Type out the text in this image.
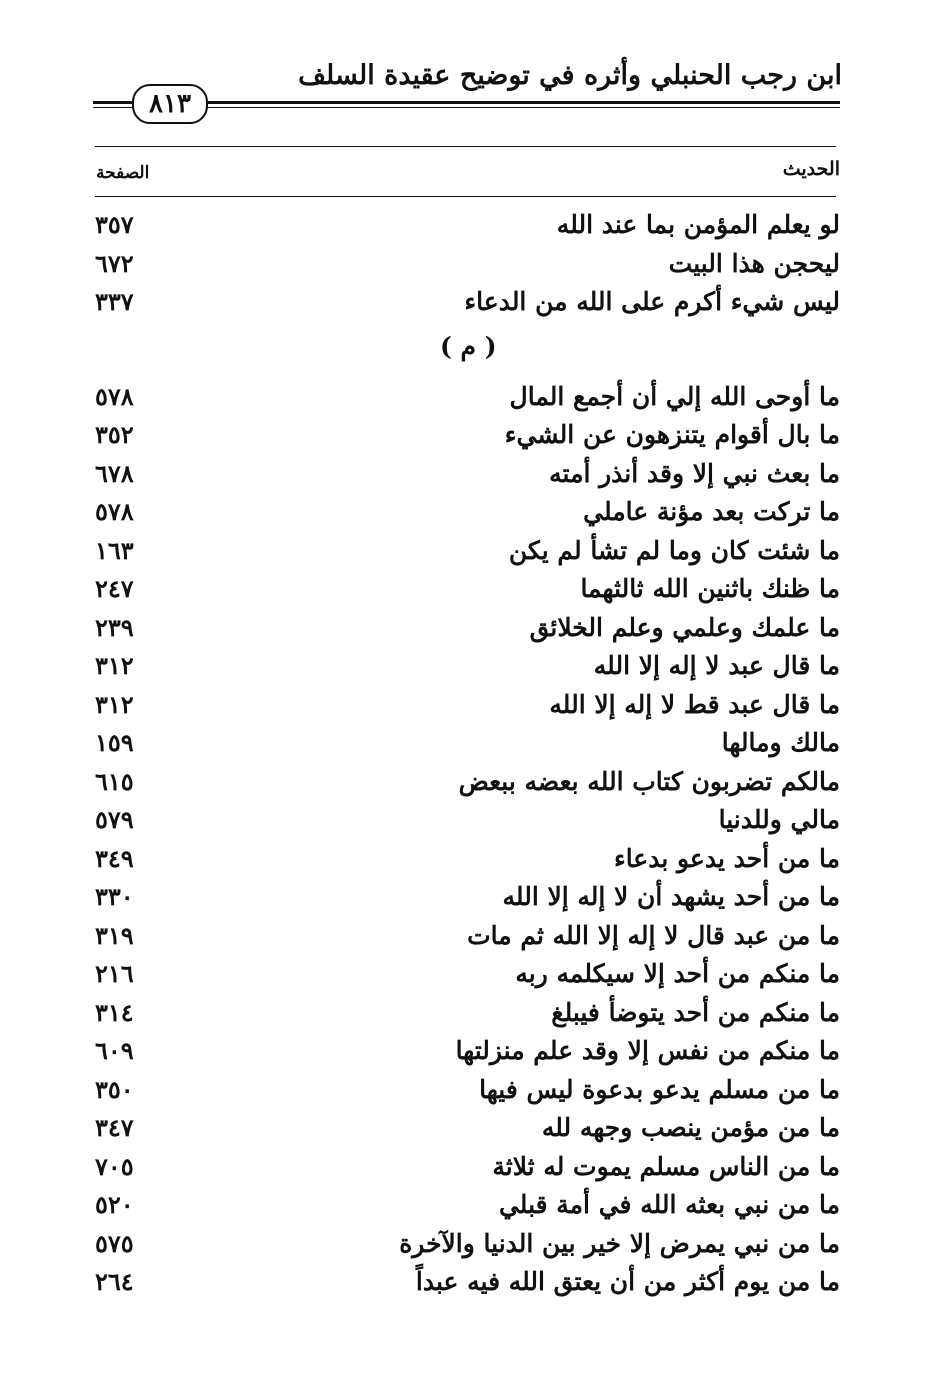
ابن رجب الحنبلي وأثره في توضيح عقيدة السلف
٨١٣
الحديث
الصفحة
لو يعلم المؤمن بما عند الله
٣٥٧
ليحجن هذا البيت
٦٧٢
ليس شيء أكرم على الله من الدعاء
٣٣٧
( م )
ما أوحى الله إلي أن أجمع المال
٥٧٨
ما بال أقوام يتنزهون عن الشيء
٣٥٢
ما بعث نبي إلا وقد أنذر أمته
٦٧٨
ما تركت بعد مؤنة عاملي
٥٧٨
ما شئت كان وما لم تشأ لم يكن
١٦٣
ما ظنك باثنين الله ثالثهما
٢٤٧
ما علمك وعلمي وعلم الخلائق
٢٣٩
ما قال عبد لا إله إلا الله
٣١٢
ما قال عبد قط لا إله إلا الله
٣١٢
مالك ومالها
١٥٩
مالكم تضربون كتاب الله بعضه ببعض
٦١٥
مالي وللدنيا
٥٧٩
ما من أحد يدعو بدعاء
٣٤٩
ما من أحد يشهد أن لا إله إلا الله
٣٣٠
ما من عبد قال لا إله إلا الله ثم مات
٣١٩
ما منكم من أحد إلا سيكلمه ربه
٢١٦
ما منكم من أحد يتوضأ فيبلغ
٣١٤
ما منكم من نفس إلا وقد علم منزلتها
٦٠٩
ما من مسلم يدعو بدعوة ليس فيها
٣٥٠
ما من مؤمن ينصب وجهه لله
٣٤٧
ما من الناس مسلم يموت له ثلاثة
٧٠٥
ما من نبي بعثه الله في أمة قبلي
٥٢٠
ما من نبي يمرض إلا خير بين الدنيا والآخرة
٥٧٥
ما من يوم أكثر من أن يعتق الله فيه عبداً
٢٦٤
